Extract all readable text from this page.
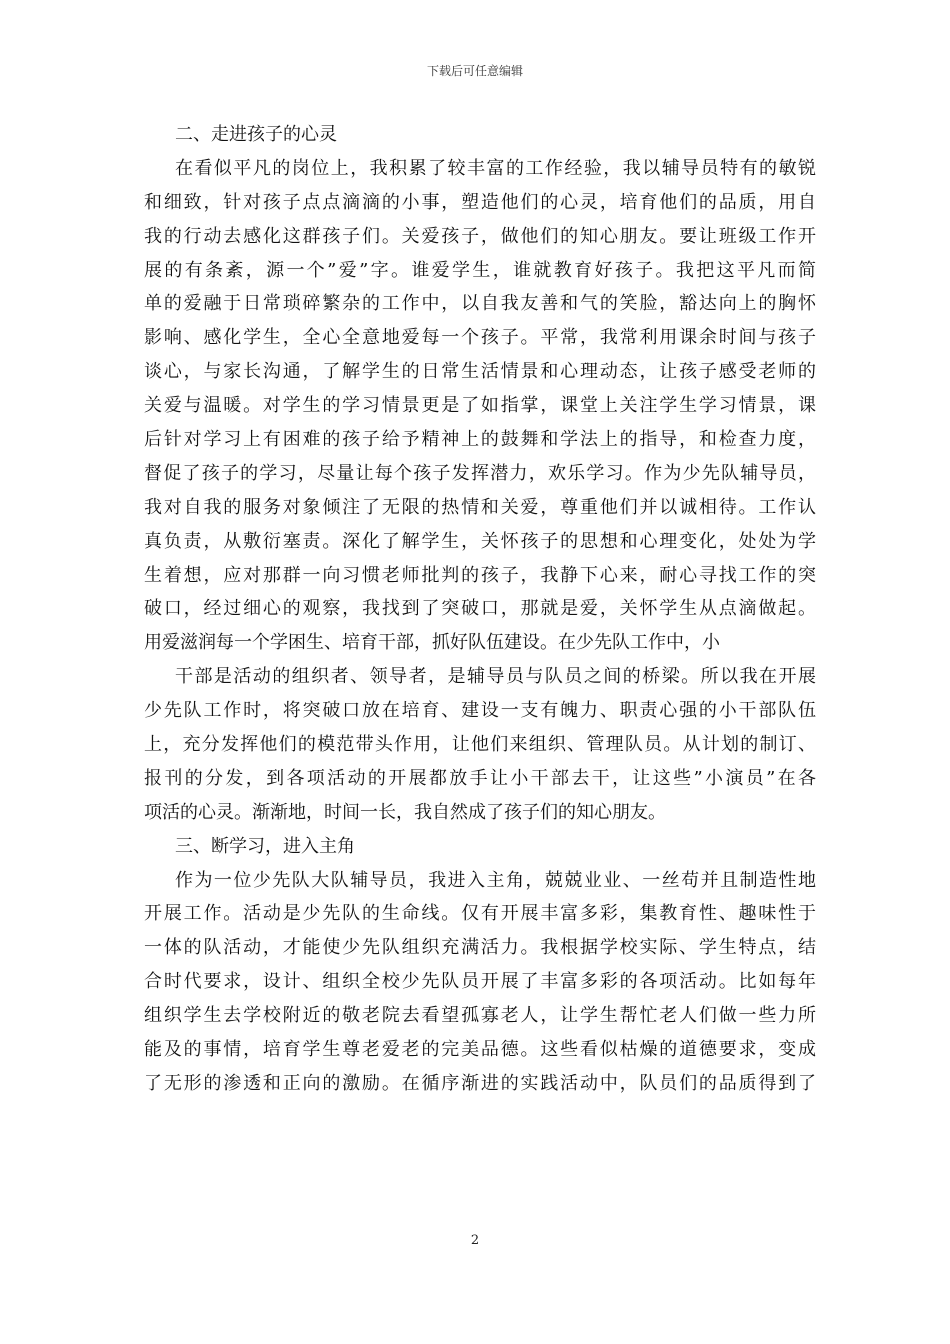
下载后可任意编辑
二、走进孩子的心灵
在看似平凡的岗位上，我积累了较丰富的工作经验，我以辅导员特有的敏锐
和细致，针对孩子点点滴滴的小事，塑造他们的心灵，培育他们的品质，用自
我的行动去感化这群孩子们。关爱孩子，做他们的知心朋友。要让班级工作开
展的有条紊，源一个”爱”字。谁爱学生，谁就教育好孩子。我把这平凡而简
单的爱融于日常琐碎繁杂的工作中，以自我友善和气的笑脸，豁达向上的胸怀
影响、感化学生，全心全意地爱每一个孩子。平常，我常利用课余时间与孩子
谈心，与家长沟通，了解学生的日常生活情景和心理动态，让孩子感受老师的
关爱与温暖。对学生的学习情景更是了如指掌，课堂上关注学生学习情景，课
后针对学习上有困难的孩子给予精神上的鼓舞和学法上的指导，和检查力度，
督促了孩子的学习，尽量让每个孩子发挥潜力，欢乐学习。作为少先队辅导员，
我对自我的服务对象倾注了无限的热情和关爱，尊重他们并以诚相待。工作认
真负责，从敷衍塞责。深化了解学生，关怀孩子的思想和心理变化，处处为学
生着想，应对那群一向习惯老师批判的孩子，我静下心来，耐心寻找工作的突
破口，经过细心的观察，我找到了突破口，那就是爱，关怀学生从点滴做起。
用爱滋润每一个学困生、培育干部，抓好队伍建设。在少先队工作中，小
干部是活动的组织者、领导者，是辅导员与队员之间的桥梁。所以我在开展
少先队工作时，将突破口放在培育、建设一支有魄力、职责心强的小干部队伍
上，充分发挥他们的模范带头作用，让他们来组织、管理队员。从计划的制订、
报刊的分发，到各项活动的开展都放手让小干部去干，让这些”小演员”在各
项活的心灵。渐渐地，时间一长，我自然成了孩子们的知心朋友。
三、断学习，进入主角
作为一位少先队大队辅导员，我进入主角，兢兢业业、一丝苟并且制造性地
开展工作。活动是少先队的生命线。仅有开展丰富多彩，集教育性、趣味性于
一体的队活动，才能使少先队组织充满活力。我根据学校实际、学生特点，结
合时代要求，设计、组织全校少先队员开展了丰富多彩的各项活动。比如每年
组织学生去学校附近的敬老院去看望孤寡老人，让学生帮忙老人们做一些力所
能及的事情，培育学生尊老爱老的完美品德。这些看似枯燥的道德要求，变成
了无形的渗透和正向的激励。在循序渐进的实践活动中，队员们的品质得到了
2
